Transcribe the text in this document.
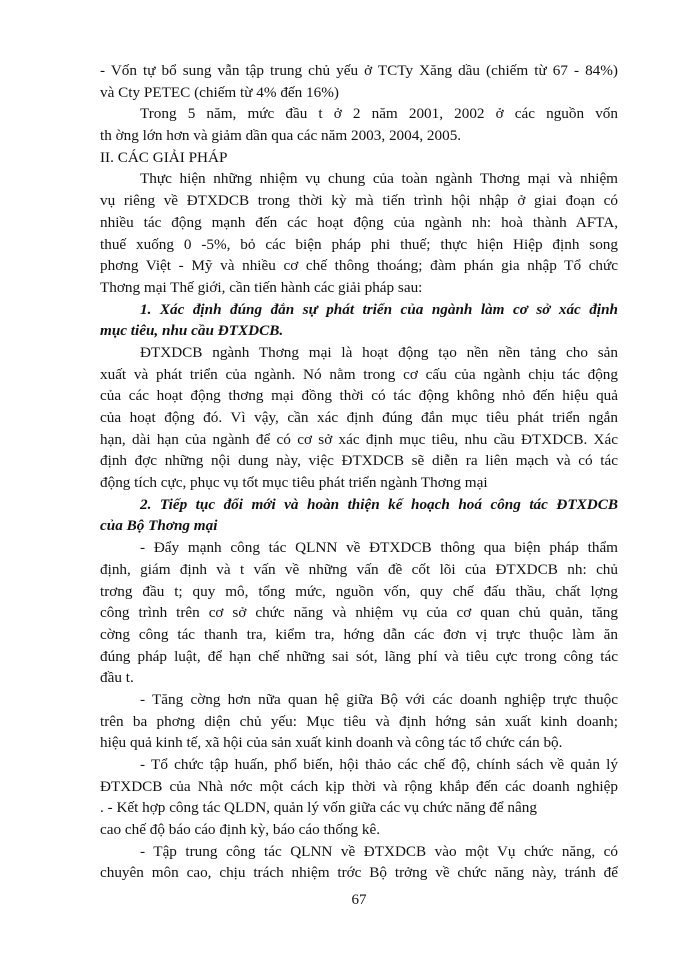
- Vốn tự bổ sung vẫn tập trung chủ yếu ở TCTy Xăng dầu (chiếm từ 67 - 84%)
và Cty PETEC (chiếm từ 4% đến 16%)
Trong 5 năm, mức đầu t ở 2 năm 2001, 2002 ở các nguồn vốn
th ờng lớn hơn và giảm dần qua các năm 2003, 2004, 2005.
II. CÁC GIẢI PHÁP
Thực hiện những nhiệm vụ chung của toàn ngành Thơng mại và nhiệm
vụ riêng về ĐTXDCB trong thời kỳ mà tiến trình hội nhập ở giai đoạn có
nhiều tác động mạnh đến các hoạt động của ngành nh: hoà thành AFTA,
thuế xuống 0 -5%, bỏ các biện pháp phi thuế; thực hiện Hiệp định song
phơng Việt - Mỹ và nhiều cơ chế thông thoáng; đàm phán gia nhập Tổ chức
Thơng mại Thế giới, cần tiến hành các giải pháp sau:
1. Xác định đúng đắn sự phát triển của ngành làm cơ sở xác định
mục tiêu, nhu cầu ĐTXDCB.
ĐTXDCB ngành Thơng mại là hoạt động tạo nền nền tảng cho sản
xuất và phát triển của ngành. Nó nằm trong cơ cấu của ngành chịu tác động
của các hoạt động thơng mại đồng thời có tác động không nhỏ đến hiệu quả
của hoạt động đó. Vì vậy, cần xác định đúng đắn mục tiêu phát triển ngắn
hạn, dài hạn của ngành để có cơ sở xác định mục tiêu, nhu cầu ĐTXDCB. Xác
định đợc những nội dung này, việc ĐTXDCB sẽ diễn ra liên mạch và có tác
động tích cực, phục vụ tốt mục tiêu phát triển ngành Thơng mại
2. Tiếp tục đổi mới và hoàn thiện kế hoạch hoá công tác ĐTXDCB
của Bộ Thơng mại
- Đẩy mạnh công tác QLNN về ĐTXDCB thông qua biện pháp thẩm
định, giám định và t vấn về những vấn đề cốt lõi của ĐTXDCB nh: chủ
trơng đầu t; quy mô, tổng mức, nguồn vốn, quy chế đấu thầu, chất lợng
công trình trên cơ sở chức năng và nhiệm vụ của cơ quan chủ quản, tăng
cờng công tác thanh tra, kiểm tra, hớng dẫn các đơn vị trực thuộc làm ăn
đúng pháp luật, để hạn chế những sai sót, lãng phí và tiêu cực trong công tác
đầu t.
- Tăng cờng hơn nữa quan hệ giữa Bộ với các doanh nghiệp trực thuộc
trên ba phơng diện chủ yếu: Mục tiêu và định hớng sản xuất kinh doanh;
hiệu quả kinh tế, xã hội của sản xuất kinh doanh và công tác tổ chức cán bộ.
- Tổ chức tập huấn, phổ biến, hội thảo các chế độ, chính sách về quản lý
ĐTXDCB của Nhà nớc một cách kịp thời và rộng khắp đến các doanh nghiệp
. - Kết hợp công tác QLDN, quản lý vốn giữa các vụ chức năng để nâng
cao chế độ báo cáo định kỳ, báo cáo thống kê.
- Tập trung công tác QLNN về ĐTXDCB vào một Vụ chức năng, có
chuyên môn cao, chịu trách nhiệm trớc Bộ trởng về chức năng này, tránh để
67
